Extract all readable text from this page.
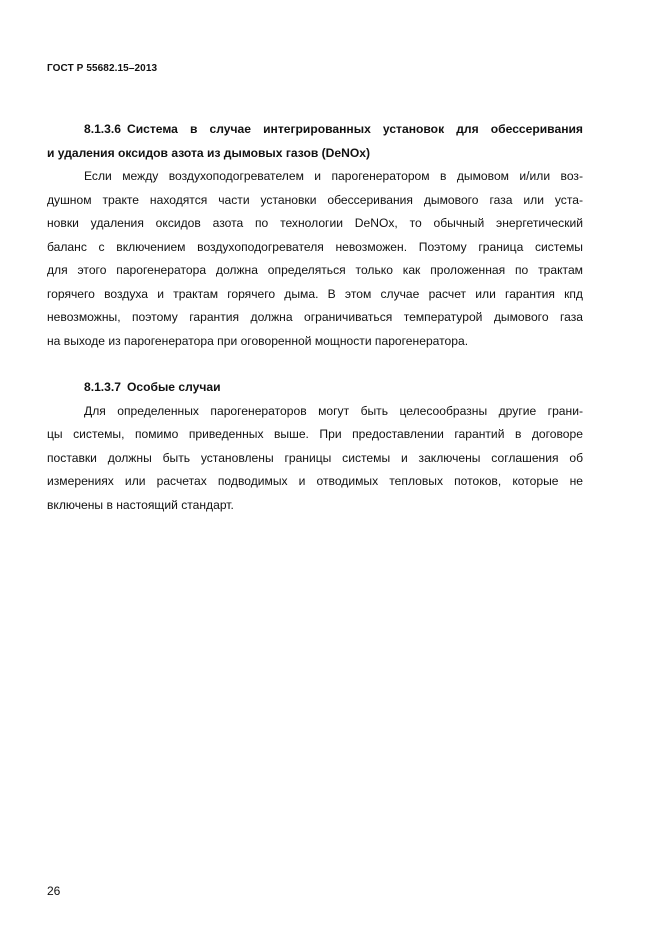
ГОСТ Р 55682.15–2013
8.1.3.6 Система в случае интегрированных установок для обессеривания
и удаления оксидов азота из дымовых газов (DeNOx)
Если между воздухоподогревателем и парогенератором в дымовом и/или воз-
душном тракте находятся части установки обессеривания дымового газа или уста-
новки удаления оксидов азота по технологии DeNOx, то обычный энергетический
баланс с включением воздухоподогревателя невозможен. Поэтому граница системы
для этого парогенератора должна определяться только как проложенная по трактам
горячего воздуха и трактам горячего дыма. В этом случае расчет или гарантия кпд
невозможны, поэтому гарантия должна ограничиваться температурой дымового газа
на выходе из парогенератора при оговоренной мощности парогенератора.
8.1.3.7 Особые случаи
Для определенных парогенераторов могут быть целесообразны другие грани-
цы системы, помимо приведенных выше. При предоставлении гарантий в договоре
поставки должны быть установлены границы системы и заключены соглашения об
измерениях или расчетах подводимых и отводимых тепловых потоков, которые не
включены в настоящий стандарт.
26
